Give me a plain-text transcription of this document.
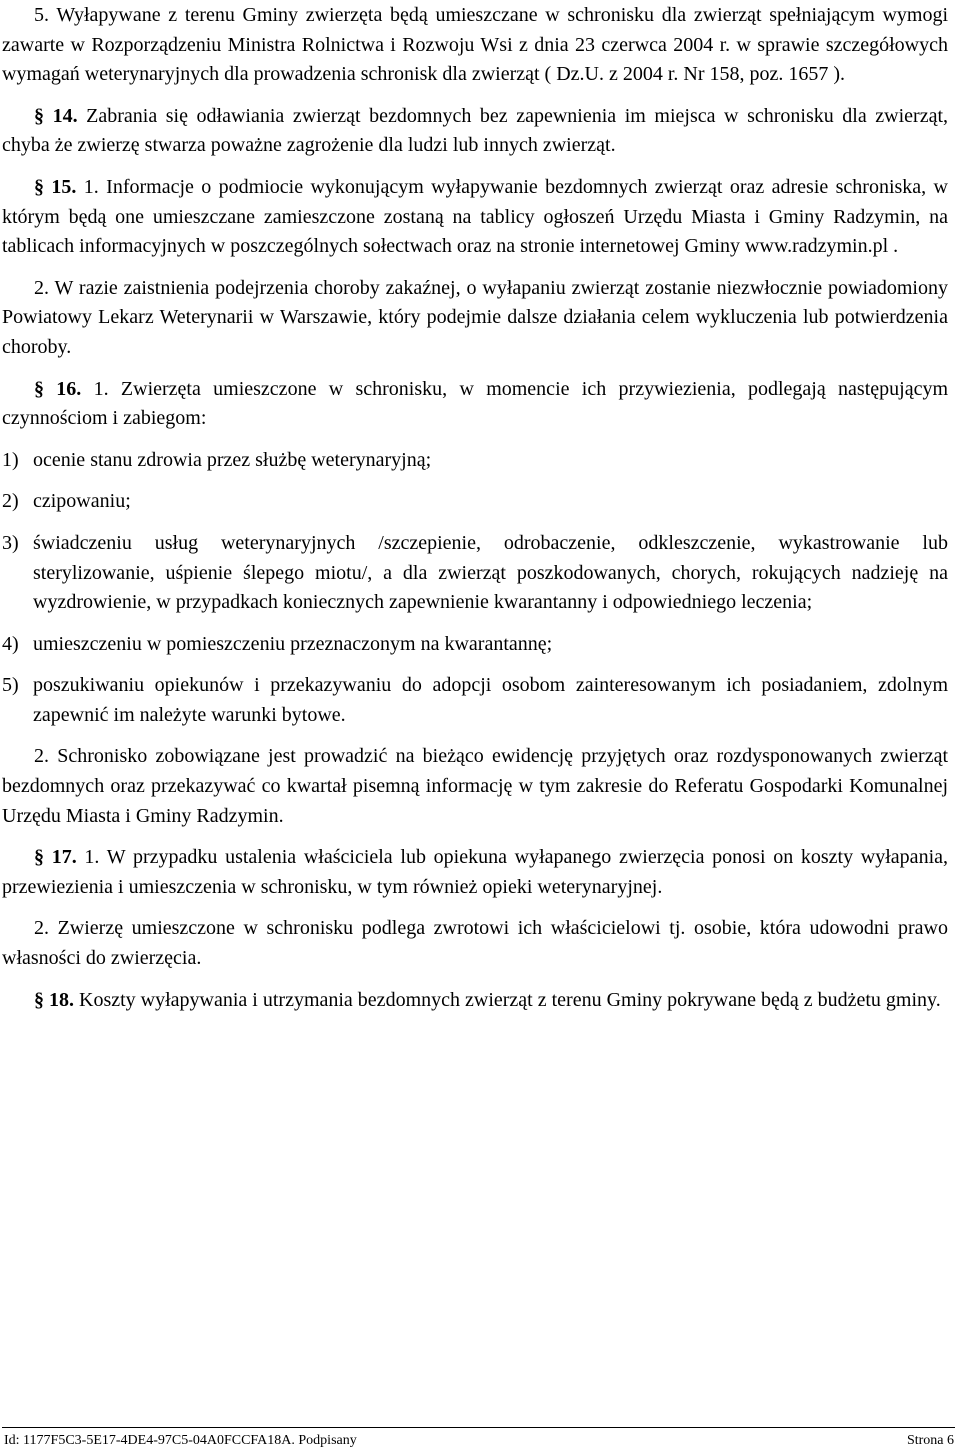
5. Wyłapywane z terenu Gminy zwierzęta będą umieszczane w schronisku dla zwierząt spełniającym wymogi zawarte w Rozporządzeniu Ministra Rolnictwa i Rozwoju Wsi z dnia 23 czerwca 2004 r. w sprawie szczegółowych wymagań weterynaryjnych dla prowadzenia schronisk dla zwierząt ( Dz.U. z 2004 r. Nr 158, poz. 1657 ).

§ 14. Zabrania się odławiania zwierząt bezdomnych bez zapewnienia im miejsca w schronisku dla zwierząt, chyba że zwierzę stwarza poważne zagrożenie dla ludzi lub innych zwierząt.

§ 15. 1. Informacje o podmiocie wykonującym wyłapywanie bezdomnych zwierząt oraz adresie schroniska, w którym będą one umieszczane zamieszczone zostaną na tablicy ogłoszeń Urzędu Miasta i Gminy Radzymin, na tablicach informacyjnych w poszczególnych sołectwach oraz na stronie internetowej Gminy www.radzymin.pl .

2. W razie zaistnienia podejrzenia choroby zakaźnej, o wyłapaniu zwierząt zostanie niezwłocznie powiadomiony Powiatowy Lekarz Weterynarii w Warszawie, który podejmie dalsze działania celem wykluczenia lub potwierdzenia choroby.

§ 16. 1. Zwierzęta umieszczone w schronisku, w momencie ich przywiezienia, podlegają następującym czynnościom i zabiegom:

1) ocenie stanu zdrowia przez służbę weterynaryjną;
2) czipowaniu;
3) świadczeniu usług weterynaryjnych /szczepienie, odrobaczenie, odkleszczenie, wykastrowanie lub sterylizowanie, uśpienie ślepego miotu/, a dla zwierząt poszkodowanych, chorych, rokujących nadzieję na wyzdrowienie, w przypadkach koniecznych zapewnienie kwarantanny i odpowiedniego leczenia;
4) umieszczeniu w pomieszczeniu przeznaczonym na kwarantannę;
5) poszukiwaniu opiekunów i przekazywaniu do adopcji osobom zainteresowanym ich posiadaniem, zdolnym zapewnić im należyte warunki bytowe.

2. Schronisko zobowiązane jest prowadzić na bieżąco ewidencję przyjętych oraz rozdysponowanych zwierząt bezdomnych oraz przekazywać co kwartał pisemną informację w tym zakresie do Referatu Gospodarki Komunalnej Urzędu Miasta i Gminy Radzymin.

§ 17. 1. W przypadku ustalenia właściciela lub opiekuna wyłapanego zwierzęcia ponosi on koszty wyłapania, przewiezienia i umieszczenia w schronisku, w tym również opieki weterynaryjnej.

2. Zwierzę umieszczone w schronisku podlega zwrotowi ich właścicielowi tj. osobie, która udowodni prawo własności do zwierzęcia.

§ 18. Koszty wyłapywania i utrzymania bezdomnych zwierząt z terenu Gminy pokrywane będą z budżetu gminy.

Id: 1177F5C3-5E17-4DE4-97C5-04A0FCCFA18A. Podpisany	Strona 6
